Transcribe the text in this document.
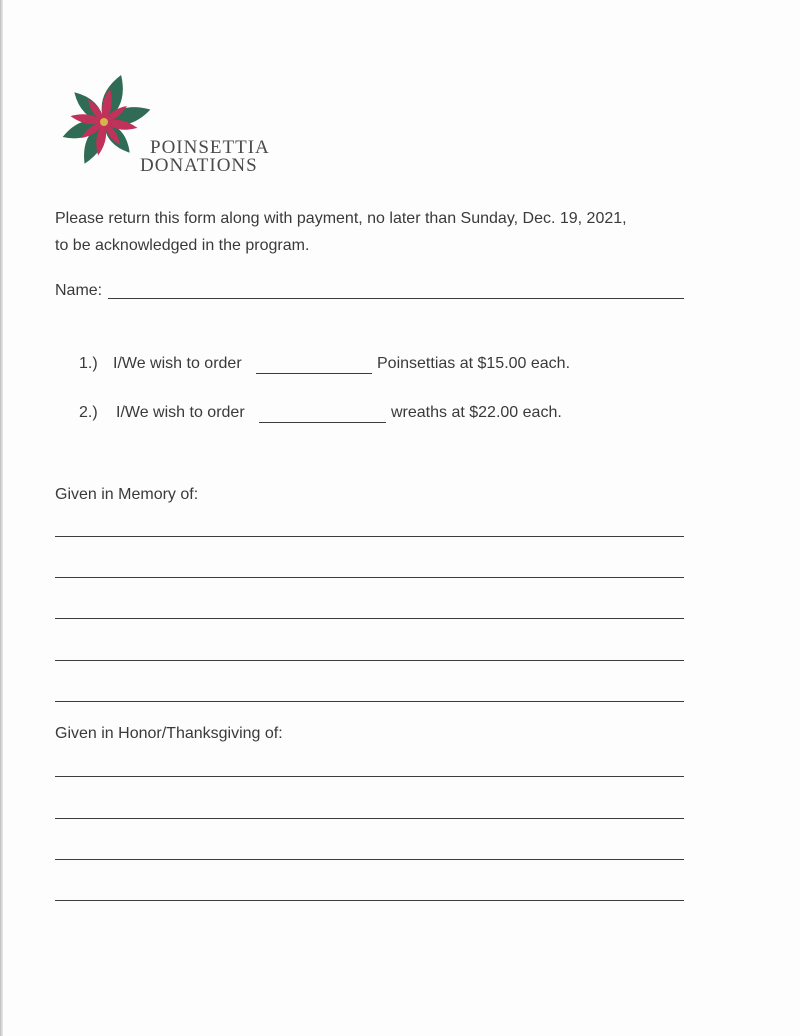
POINSETTIA
DONATIONS
Please return this form along with payment, no later than Sunday, Dec. 19, 2021,
to be acknowledged in the program.
Name:
1.) I/We wish to order	Poinsettias at $15.00 each.
2.) I/We wish to order	wreaths at $22.00 each.
Given in Memory of:
Given in Honor/Thanksgiving of:
